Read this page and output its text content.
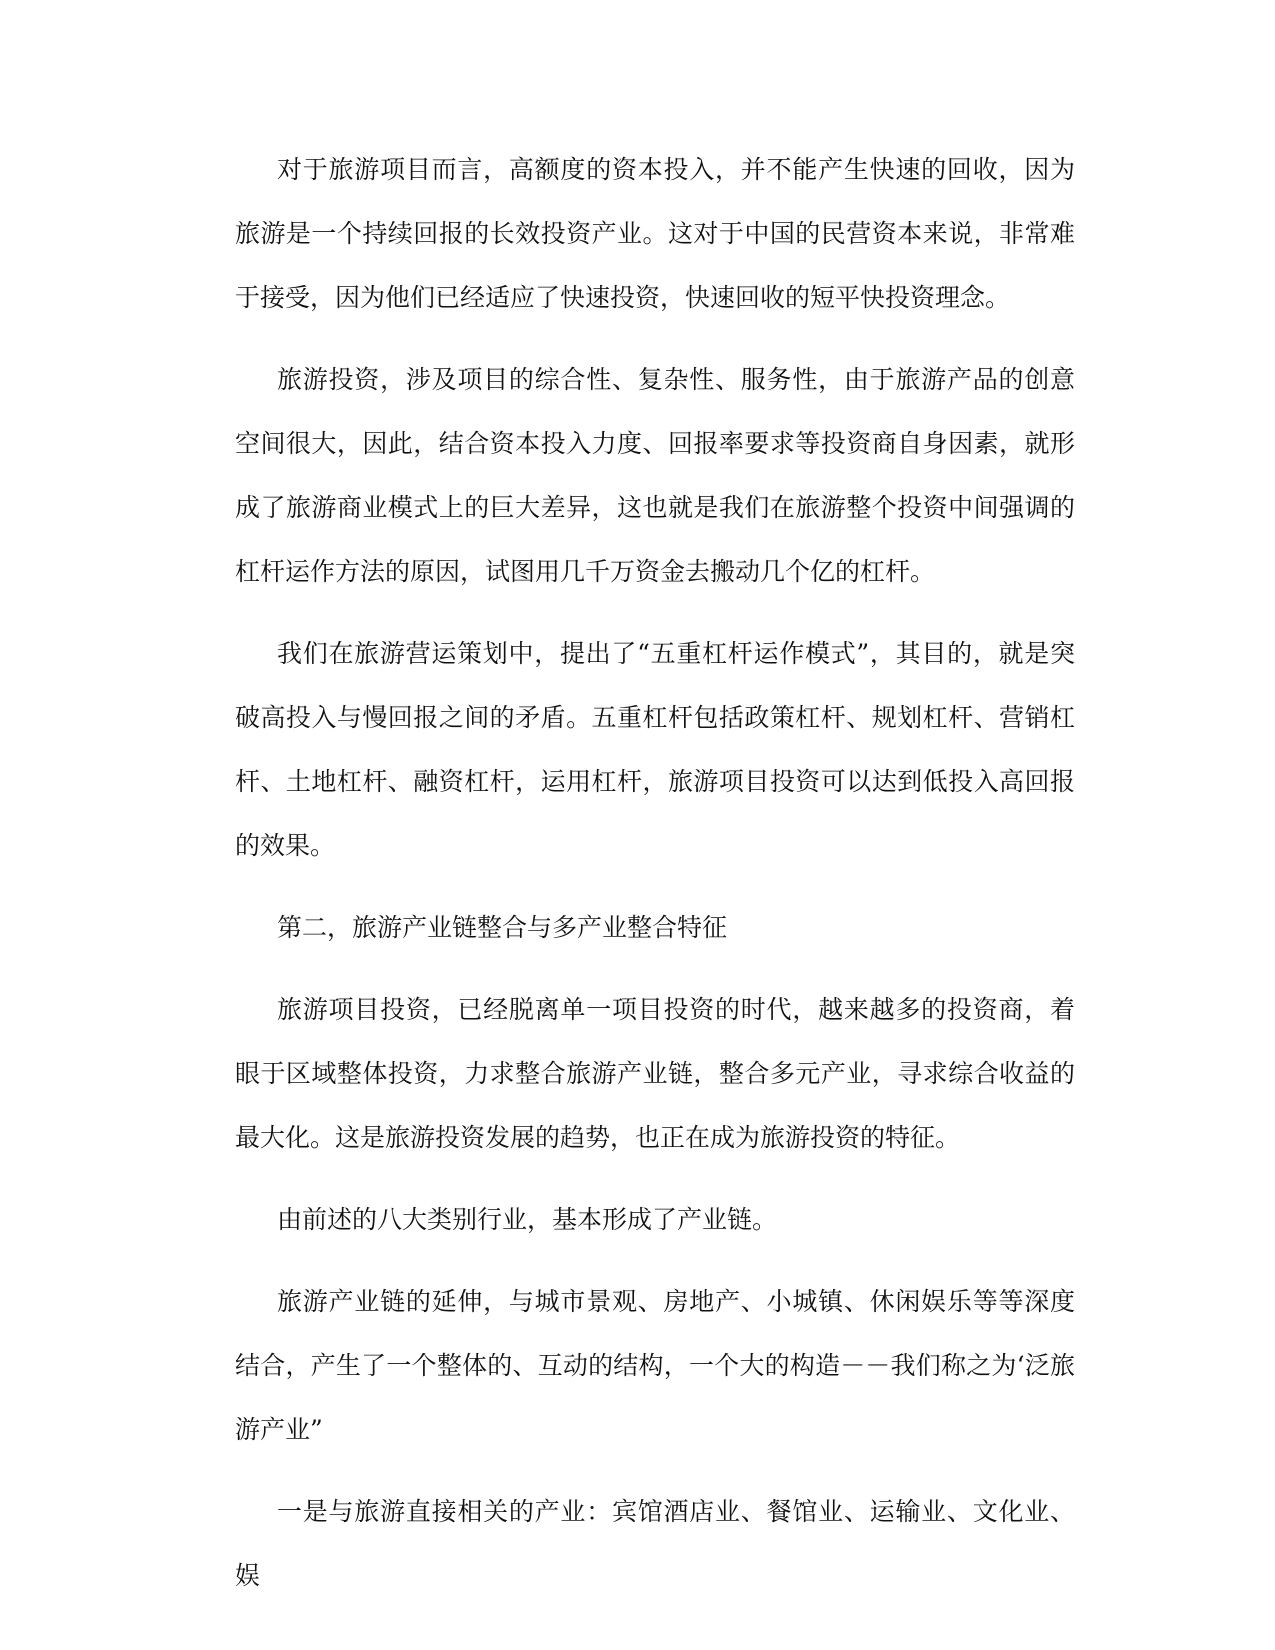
对于旅游项目而言，高额度的资本投入，并不能产生快速的回收，因为旅游是一个持续回报的长效投资产业。这对于中国的民营资本来说，非常难于接受，因为他们已经适应了快速投资，快速回收的短平快投资理念。

旅游投资，涉及项目的综合性、复杂性、服务性，由于旅游产品的创意空间很大，因此，结合资本投入力度、回报率要求等投资商自身因素，就形成了旅游商业模式上的巨大差异，这也就是我们在旅游整个投资中间强调的杠杆运作方法的原因，试图用几千万资金去搬动几个亿的杠杆。

我们在旅游营运策划中，提出了“五重杠杆运作模式”，其目的，就是突破高投入与慢回报之间的矛盾。五重杠杆包括政策杠杆、规划杠杆、营销杠杆、土地杠杆、融资杠杆，运用杠杆，旅游项目投资可以达到低投入高回报的效果。

第二，旅游产业链整合与多产业整合特征

旅游项目投资，已经脱离单一项目投资的时代，越来越多的投资商，着眼于区域整体投资，力求整合旅游产业链，整合多元产业，寻求综合收益的最大化。这是旅游投资发展的趋势，也正在成为旅游投资的特征。

由前述的八大类别行业，基本形成了产业链。

旅游产业链的延伸，与城市景观、房地产、小城镇、休闲娱乐等等深度结合，产生了一个整体的、互动的结构，一个大的构造－－我们称之为‘泛旅游产业”

一是与旅游直接相关的产业：宾馆酒店业、餐馆业、运输业、文化业、娱
